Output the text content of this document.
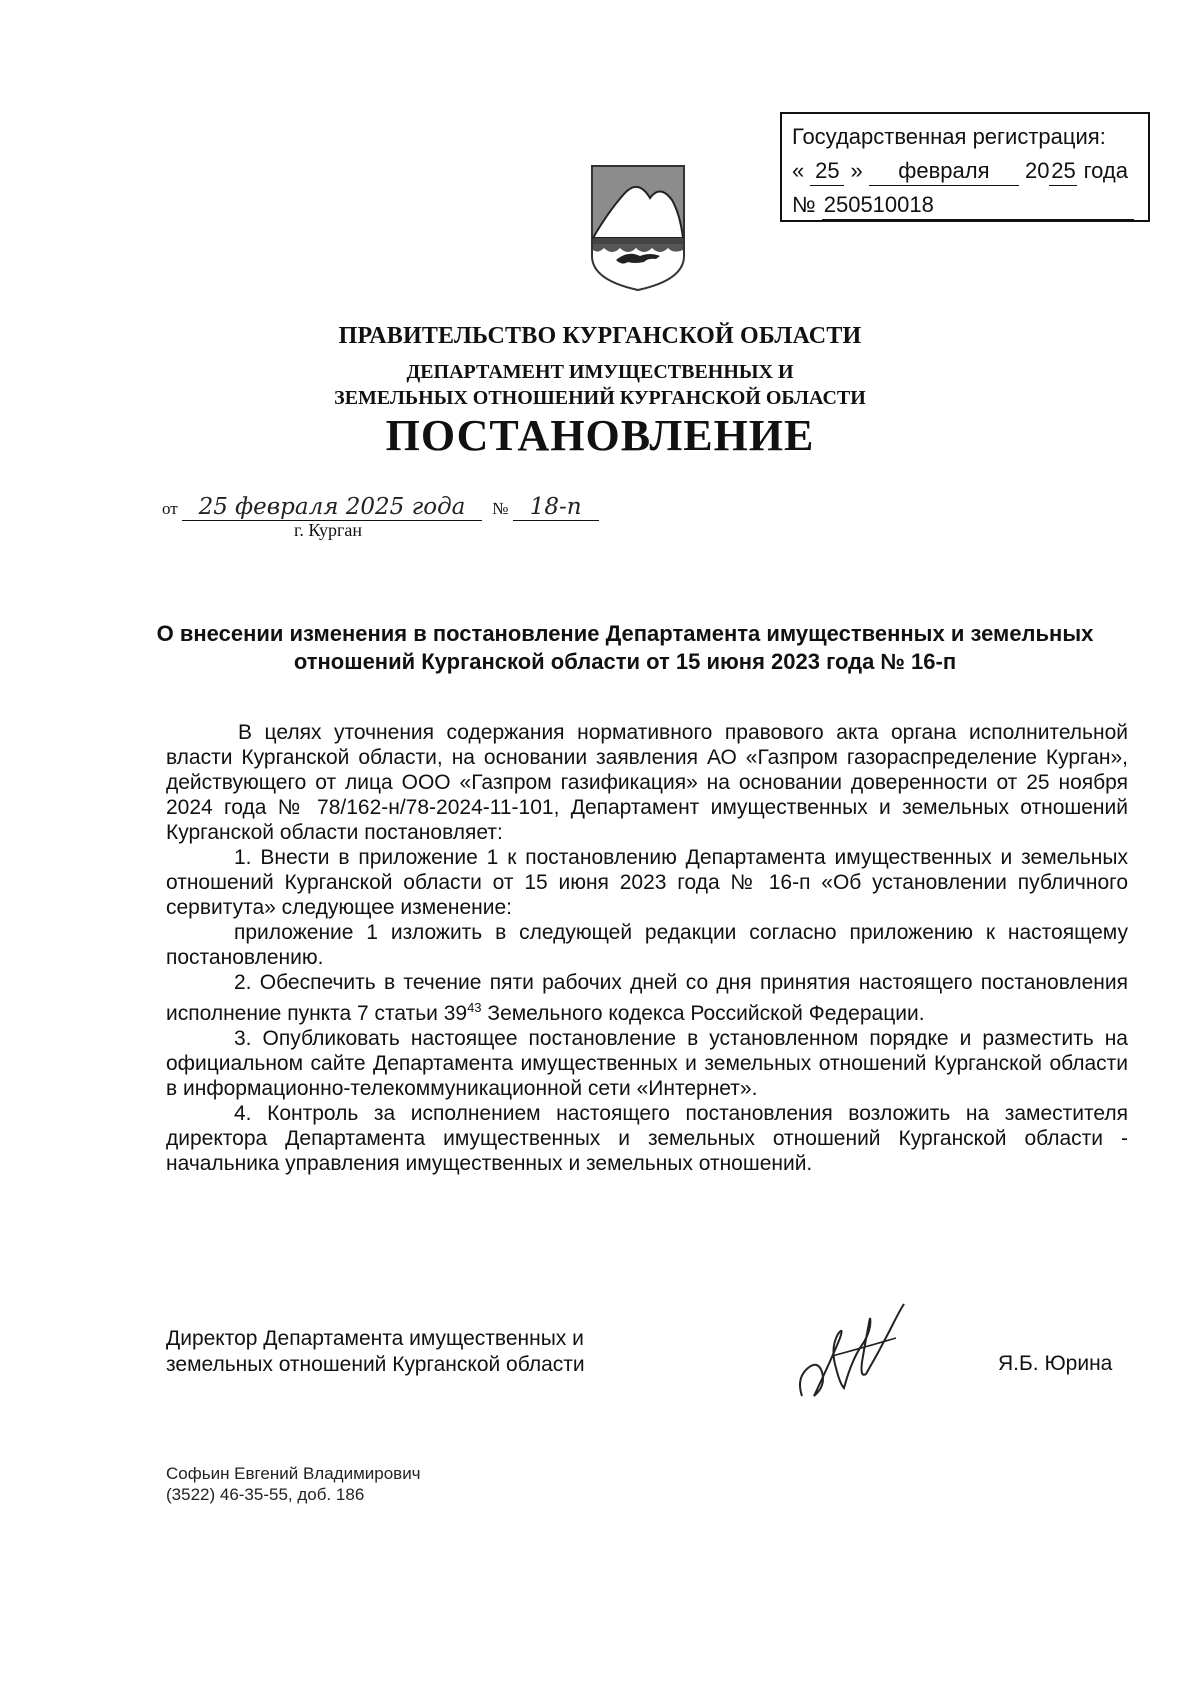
Государственная регистрация:
« 25 » февраля 2025 года
№ 250510018
ПРАВИТЕЛЬСТВО КУРГАНСКОЙ ОБЛАСТИ
ДЕПАРТАМЕНТ ИМУЩЕСТВЕННЫХ И
ЗЕМЕЛЬНЫХ ОТНОШЕНИЙ КУРГАНСКОЙ ОБЛАСТИ
ПОСТАНОВЛЕНИЕ
от 25 февраля 2025 года № 18-п
г. Курган
О внесении изменения в постановление Департамента имущественных и земельных отношений Курганской области от 15 июня 2023 года № 16-п

В целях уточнения содержания нормативного правового акта органа исполнительной власти Курганской области, на основании заявления АО «Газпром газораспределение Курган», действующего от лица ООО «Газпром газификация» на основании доверенности от 25 ноября 2024 года № 78/162-н/78-2024-11-101, Департамент имущественных и земельных отношений Курганской области постановляет:

1. Внести в приложение 1 к постановлению Департамента имущественных и земельных отношений Курганской области от 15 июня 2023 года № 16-п «Об установлении публичного сервитута» следующее изменение:

приложение 1 изложить в следующей редакции согласно приложению к настоящему постановлению.

2. Обеспечить в течение пяти рабочих дней со дня принятия настоящего постановления исполнение пункта 7 статьи $39^{43}$ Земельного кодекса Российской Федерации.

3. Опубликовать настоящее постановление в установленном порядке и разместить на официальном сайте Департамента имущественных и земельных отношений Курганской области в информационно-телекоммуникационной сети «Интернет».

4. Контроль за исполнением настоящего постановления возложить на заместителя директора Департамента имущественных и земельных отношений Курганской области - начальника управления имущественных и земельных отношений.

Директор Департамента имущественных и
земельных отношений Курганской области	Я.Б. Юрина
Софьин Евгений Владимирович
(3522) 46-35-55, доб. 186
